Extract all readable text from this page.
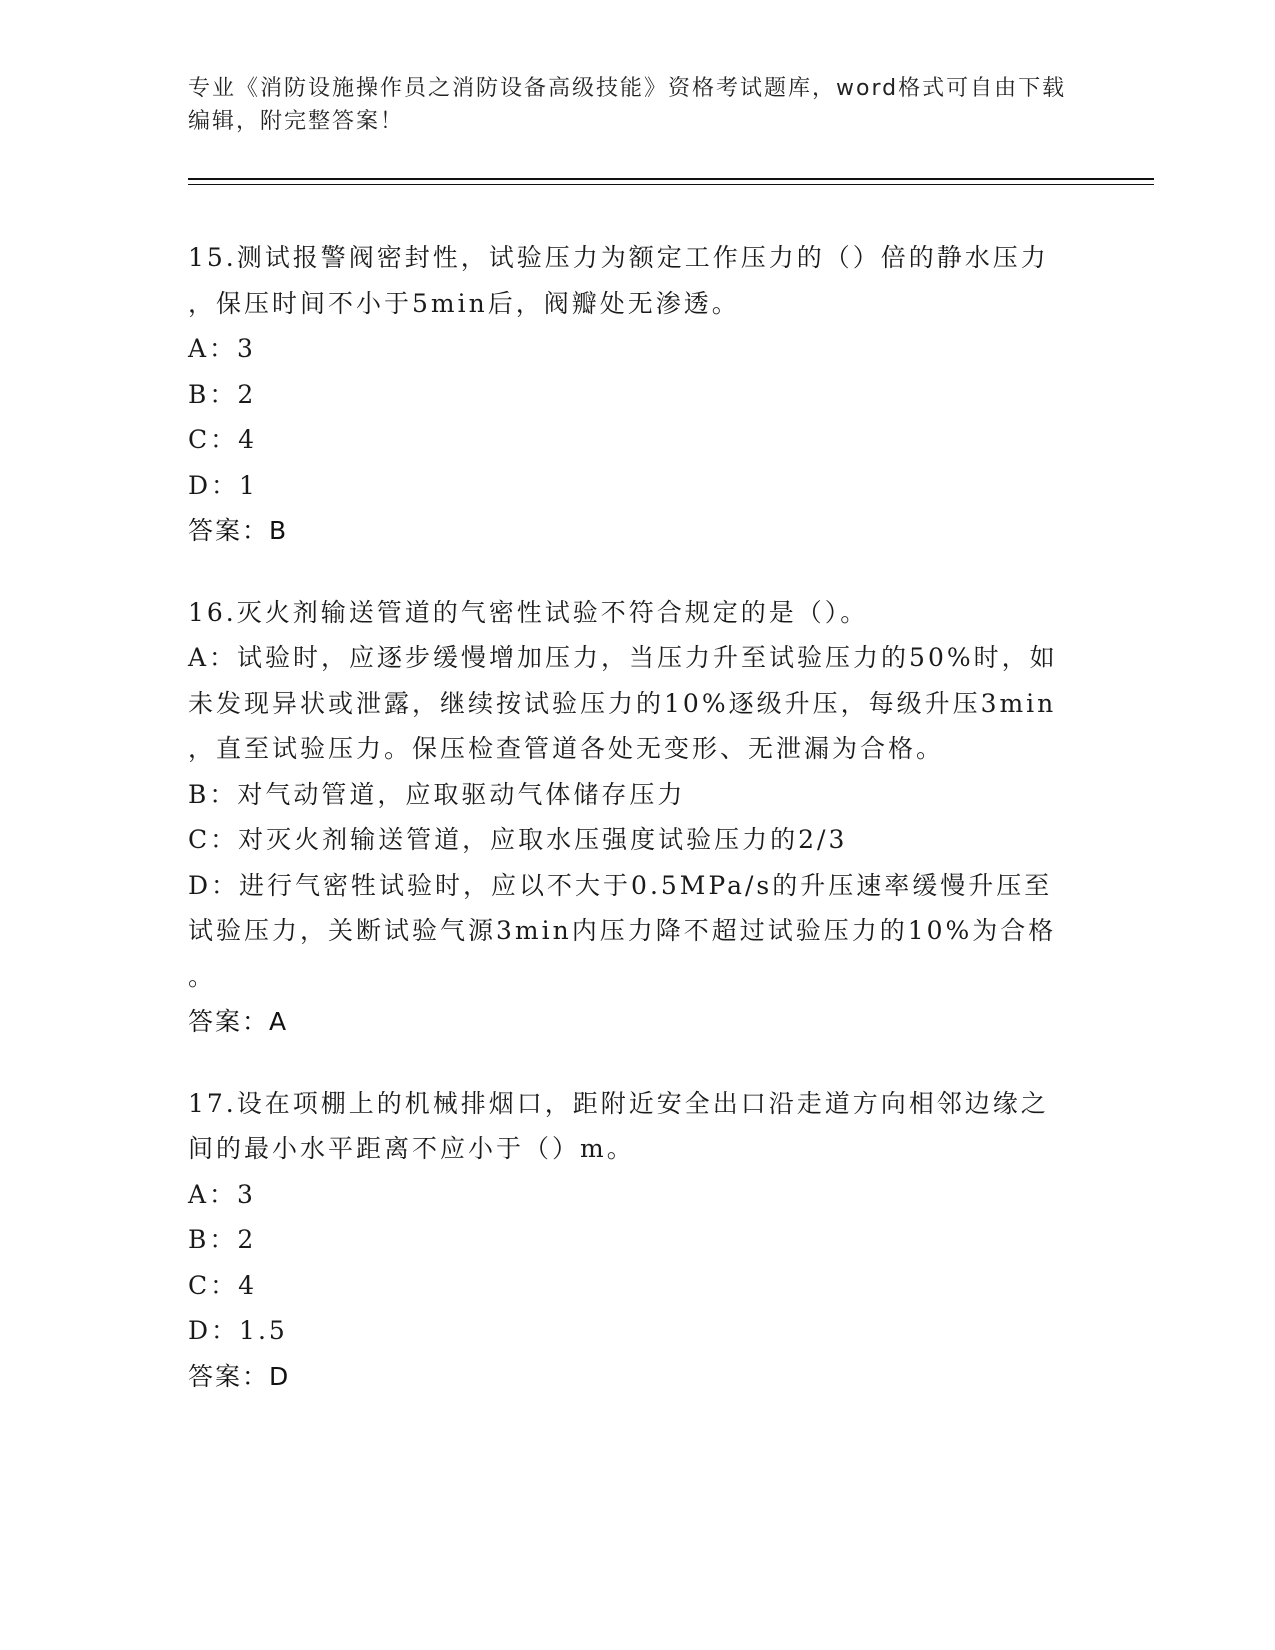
专业《消防设施操作员之消防设备高级技能》资格考试题库，word格式可自由下载编辑，附完整答案！
15.测试报警阀密封性，试验压力为额定工作压力的（）倍的静水压力
，保压时间不小于5min后，阀瓣处无渗透。
A：3
B：2
C：4
D：1
答案：B
16.灭火剂输送管道的气密性试验不符合规定的是（）。
A：试验时，应逐步缓慢增加压力，当压力升至试验压力的50%时，如
未发现异状或泄露，继续按试验压力的10%逐级升压，每级升压3min
，直至试验压力。保压检查管道各处无变形、无泄漏为合格。
B：对气动管道，应取驱动气体储存压力
C：对灭火剂输送管道，应取水压强度试验压力的2/3
D：进行气密牲试验时，应以不大于0.5MPa/s的升压速率缓慢升压至
试验压力，关断试验气源3min内压力降不超过试验压力的10%为合格
。
答案：A
17.设在项棚上的机械排烟口，距附近安全出口沿走道方向相邻边缘之
间的最小水平距离不应小于（）m。
A：3
B：2
C：4
D：1.5
答案：D
